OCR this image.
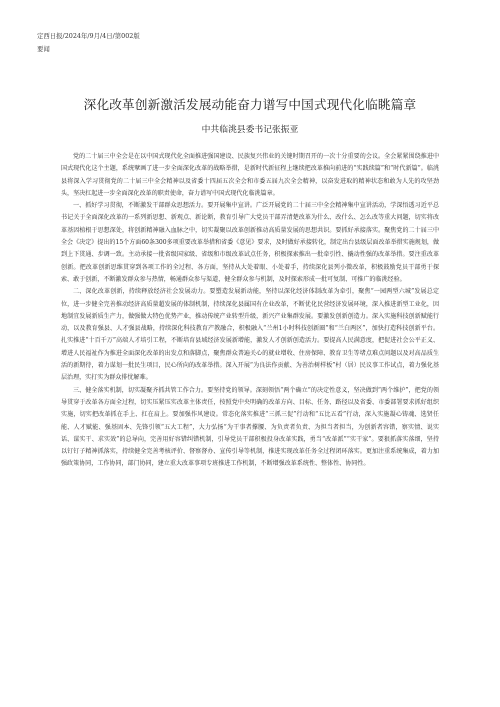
定西日报/2024年/9月/4日/第002版
要闻
深化改革创新激活发展动能奋力谱写中国式现代化临眺篇章
中共临洮县委书记张振亚

党的二十届三中全会是在以中国式现代化全面推进强国建设、民族复兴伟业的关键时期召开的一次十分重要的会议。全会紧紧围绕推进中国式现代化这个主题，系统擘画了进一步全面深化改革的战略举措，是新时代新征程上继续把改革推向前进的“实践续篇”和“时代新篇”。临洮县将深入学习贯彻党的二十届三中全会精神以及省委十四届五次全会和市委五届九次全会精神，以奋发进取的精神状态和敢为人先的攻坚劲头，坚决扛起进一步全面深化改革的职责使命，奋力谱写中国式现代化临洮篇章。

一、抓好学习贯彻，不断激发干部群众思想活力。要开展集中宣讲。广泛开展党的二十届三中全会精神集中宣讲活动，学深悟透习近平总书记关于全面深化改革的一系列新思想、新观点、新论断，教育引导广大党员干部弄清楚改革为什么、改什么、怎么改等重大问题，切实将改革基因植根于思想深处，将创新精神融入血脉之中，切实凝聚以改革创新推动高质量发展的思想共识。要抓好承接落实。聚焦党的二十届三中全会《决定》提出的15个方面60条300多项重要改革举措和省委《意见》要求，及时做好承接转化，制定出台县级层面改革举措实施规划，做到上下贯通、步调一致。主动承接一批省级国家级、省级和市级改革试点任务，积极探索推出一批牵引性、撬动性强的改革举措。要注重改革创新。把改革创新思维贯穿到各项工作的全过程、各方面，坚持从大处着眼、小处着手，持续深化县列小微改革，积极鼓励党员干部勇于探索、敢于创新，不断激发群众参与热情，畅通群众参与渠道，健全群众参与机制，及时探索形成一批可复制、可推广的临洮经验。

二、深化改革创新，持续释放经济社会发展动力。要塑造发展新动能，坚持以深化经济体制改革为牵引，聚焦“一园两型六城”发展总定位，进一步健全完善推动经济高质量超发展的体制机制，持续深化县属国有企业改革，不断优化民营经济发展环境，深入推进新型工业化，因地制宜发展新质生产力，做强做大特色优势产业，推动传统产业转型升级，新兴产业集群发展。要激发创新创造力。深入实施科技创新赋能行动，以及教育强县、人才强县战略，持续深化科技教育产教融合，积极融入“兰州1小时科技创新圈”和“兰白两区”，加快打造科技创新平台。扎实推进“十百千万”高端人才培引工程，不断培育县域经济发展新增能，激发人才创新创造活力。要提高人民满意度，把促进社会公平正义、增进人民福祉作为推进全面深化改革的出发点和落脚点，聚焦群众普遍关心的就业增收、住房保障、教育卫生等堵点难点问题以及对高品质生活的新期待，着力谋划一批民生项目，民心所向的改革举措。深入开展“为良法作贡献、为善治树样板”村（居）民议事工作试点，着力强化基层治理，实打实为群众排忧解难。

三、健全落实机制，切实凝聚齐抓共管工作合力。要坚持党的领导。深刻领悟“两个确立”的决定性意义，坚决做到“两个维护”，把党的领导贯穿于改革各方面全过程，切实压紧压实改革主体责任，按照党中央明确的改革方向、目标、任务、路径以及省委、市委部署要求抓好组织实施，切实把改革抓在手上、扛在肩上。要加强作风建设。常态化落实推进“三抓三促”行动和“五比五看”行动，深入实施凝心铸魂、选贤任能、人才赋能、强基固本、先锋引领“五大工程”，大力弘扬“为干事者撑腰、为负责者负责、为担当者担当，为创新者容错，察实情、说实话、谋实干、求实效”的总导向，完善用好容错纠错机制，引导党员干部积极投身改革实践，勇当“改革派”“实干家”。要狠抓落实落细，坚持以钉钉子精神抓落实，持续健全完善考核评价、督察督办、宣传引导等机制，推进实现改革任务全过程闭环落实。更加注重系统集成，着力加强政策协同，工作协同，部门协同，建立重大改革事项专班推进工作机制，不断增强改革系统性、整体性、协同性。
